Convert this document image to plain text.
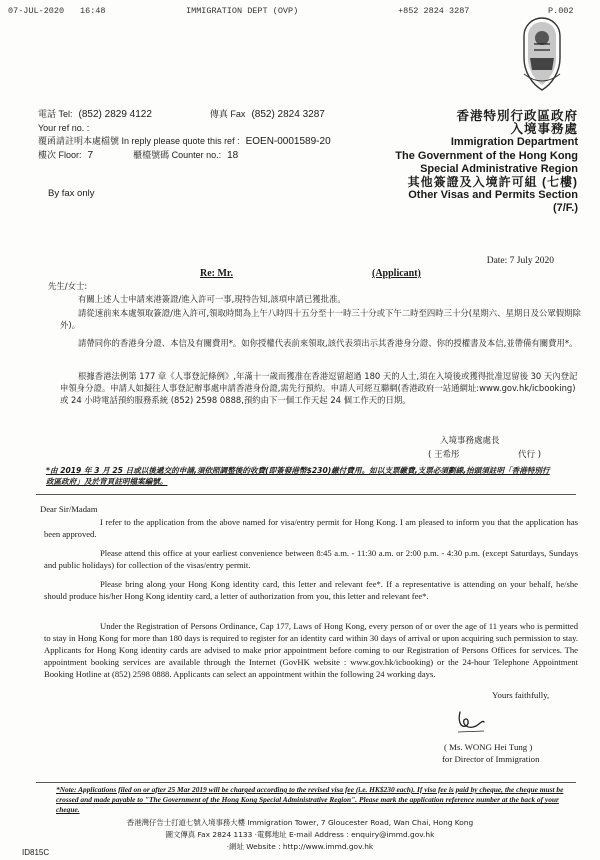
07-JUL-2020 16:48	IMMIGRATION DEPT (OVP)	+852 2824 3287	P.002
電話 Tel: (852) 2829 4122	傳真 Fax (852) 2824 3287
Your ref no. :
覆函請註明本處檔號 In reply please quote this ref : EOEN-0001589-20
樓次 Floor: 7	櫃檯號碼 Counter no.: 18
香港特別行政區政府
入境事務處
Immigration Department
The Government of the Hong Kong
Special Administrative Region
其他簽證及入境許可組 (七樓)
Other Visas and Permits Section
(7/F.)
By fax only
Date: 7 July 2020
Re: Mr.	(Applicant)
先生/女士:
有關上述人士申請來港簽證/進入許可一事,現特告知,該項申請已獲批准。
請從速前來本處領取簽證/進入許可,領取時間為上午八時四十五分至十一時三十分或下午二時至四時三十分(星期六、星期日及公眾假期除外)。
請帶同你的香港身分證、本信及有關費用*。如你授權代表前來領取,該代表須出示其香港身分證、你的授權書及本信,並帶備有關費用*。
根據香港法例第 177 章《人事登記條例》,年滿十一歲而獲准在香港逗留超過 180 天的人士,須在入境後或獲得批准逗留後 30 天內登記申領身分證。申請人如擬往人事登記辦事處申請香港身份證,需先行預約。申請人可經互聯網(香港政府一站通網址:www.gov.hk/icbooking)或 24 小時電話預約服務系統 (852) 2598 0888,預約由下一個工作天起 24 個工作天的日期。
入境事務處處長
( 王希彤	代行 )
*由 2019 年 3 月 25 日或以後遞交的申請,須依照調整後的收費(即簽發港幣$230)繳付費用。如以支票繳費,支票必須劃線,抬頭須註明「香港特別行政區政府」及於背頁註明檔案編號。
Dear Sir/Madam
I refer to the application from the above named for visa/entry permit for Hong Kong. I am pleased to inform you that the application has been approved.
Please attend this office at your earliest convenience between 8:45 a.m. - 11:30 a.m. or 2:00 p.m. - 4:30 p.m. (except Saturdays, Sundays and public holidays) for collection of the visas/entry permit.
Please bring along your Hong Kong identity card, this letter and relevant fee*. If a representative is attending on your behalf, he/she should produce his/her Hong Kong identity card, a letter of authorization from you, this letter and relevant fee*.
Under the Registration of Persons Ordinance, Cap 177, Laws of Hong Kong, every person of or over the age of 11 years who is permitted to stay in Hong Kong for more than 180 days is required to register for an identity card within 30 days of arrival or upon acquiring such permission to stay. Applicants for Hong Kong identity cards are advised to make prior appointment before coming to our Registration of Persons Offices for services. The appointment booking services are available through the Internet (GovHK website : www.gov.hk/icbooking) or the 24-hour Telephone Appointment Booking Hotline at (852) 2598 0888. Applicants can select an appointment within the following 24 working days.
Yours faithfully,
( Ms. WONG Hei Tung )
for Director of Immigration
*Note: Applications filed on or after 25 Mar 2019 will be charged according to the revised visa fee (i.e. HK$230 each). If visa fee is paid by cheque, the cheque must be crossed and made payable to "The Government of the Hong Kong Special Administrative Region". Please mark the application reference number at the back of your cheque.
香港灣仔告士打道七號入境事務大樓 Immigration Tower, 7 Gloucester Road, Wan Chai, Hong Kong
圖文傳真 Fax 2824 1133 ·電郵地址 E-mail Address : enquiry@immd.gov.hk
·網址 Website : http://www.immd.gov.hk
ID815C
